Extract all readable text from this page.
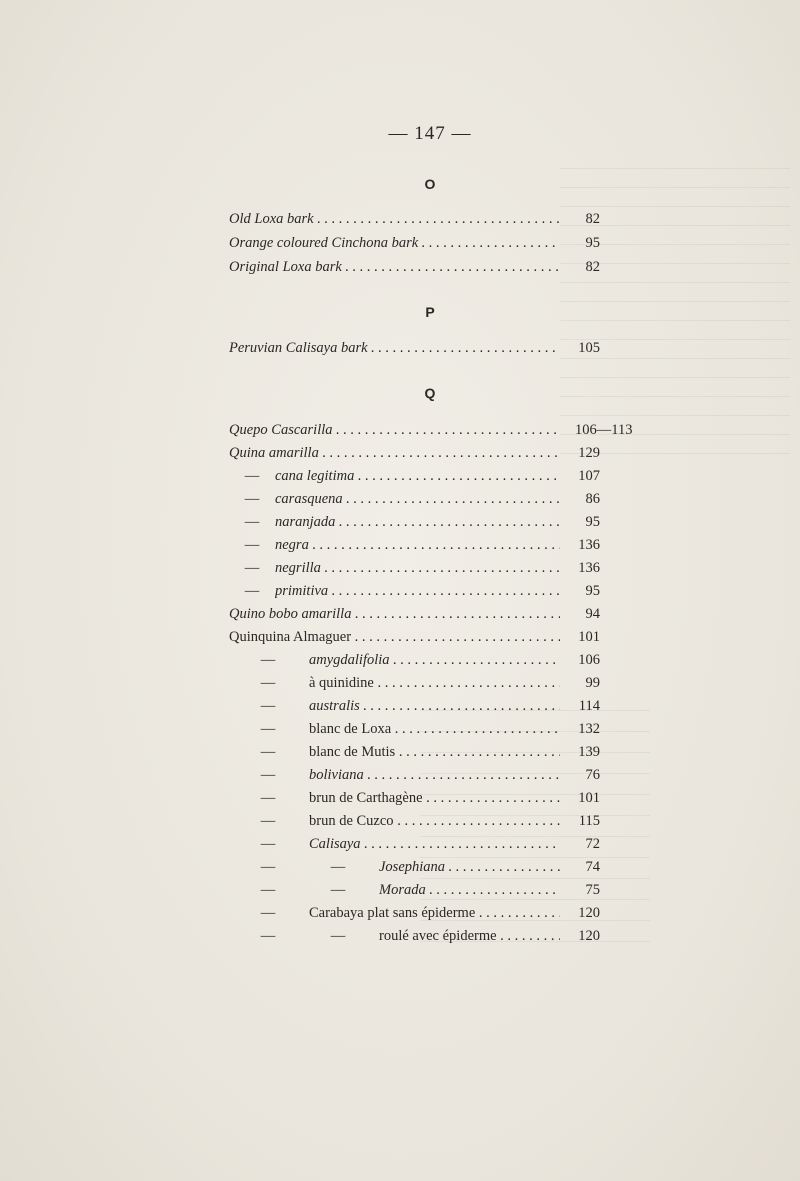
— 147 —
O
P
Q
Old Loxa bark . . .	82
Orange coloured Cinchona bark . . .	95
Original Loxa bark . . .	82
Peruvian Calisaya bark . . .	105
Quepo Cascarilla . . .	106—113
Quina amarilla . . .	129
— cana legitima . . .	107
— carasquena . . .	86
— naranjada . . .	95
— negra . . .	136
— negrilla . . .	136
— primitiva . . .	95
Quino bobo amarilla . . .	94
Quinquina Almaguer . . .	101
— amygdalifolia . . .	106
— à quinidine . . .	99
— australis . . .	114
— blanc de Loxa . . .	132
— blanc de Mutis . . .	139
— boliviana . . .	76
— brun de Carthagène . . .	101
— brun de Cuzco . . .	115
— Calisaya . . .	72
—	— Josephiana . . .	74
—	— Morada . . .	75
— Carabaya plat sans épiderme . . .	120
—	— roulé avec épiderme . . .	120
